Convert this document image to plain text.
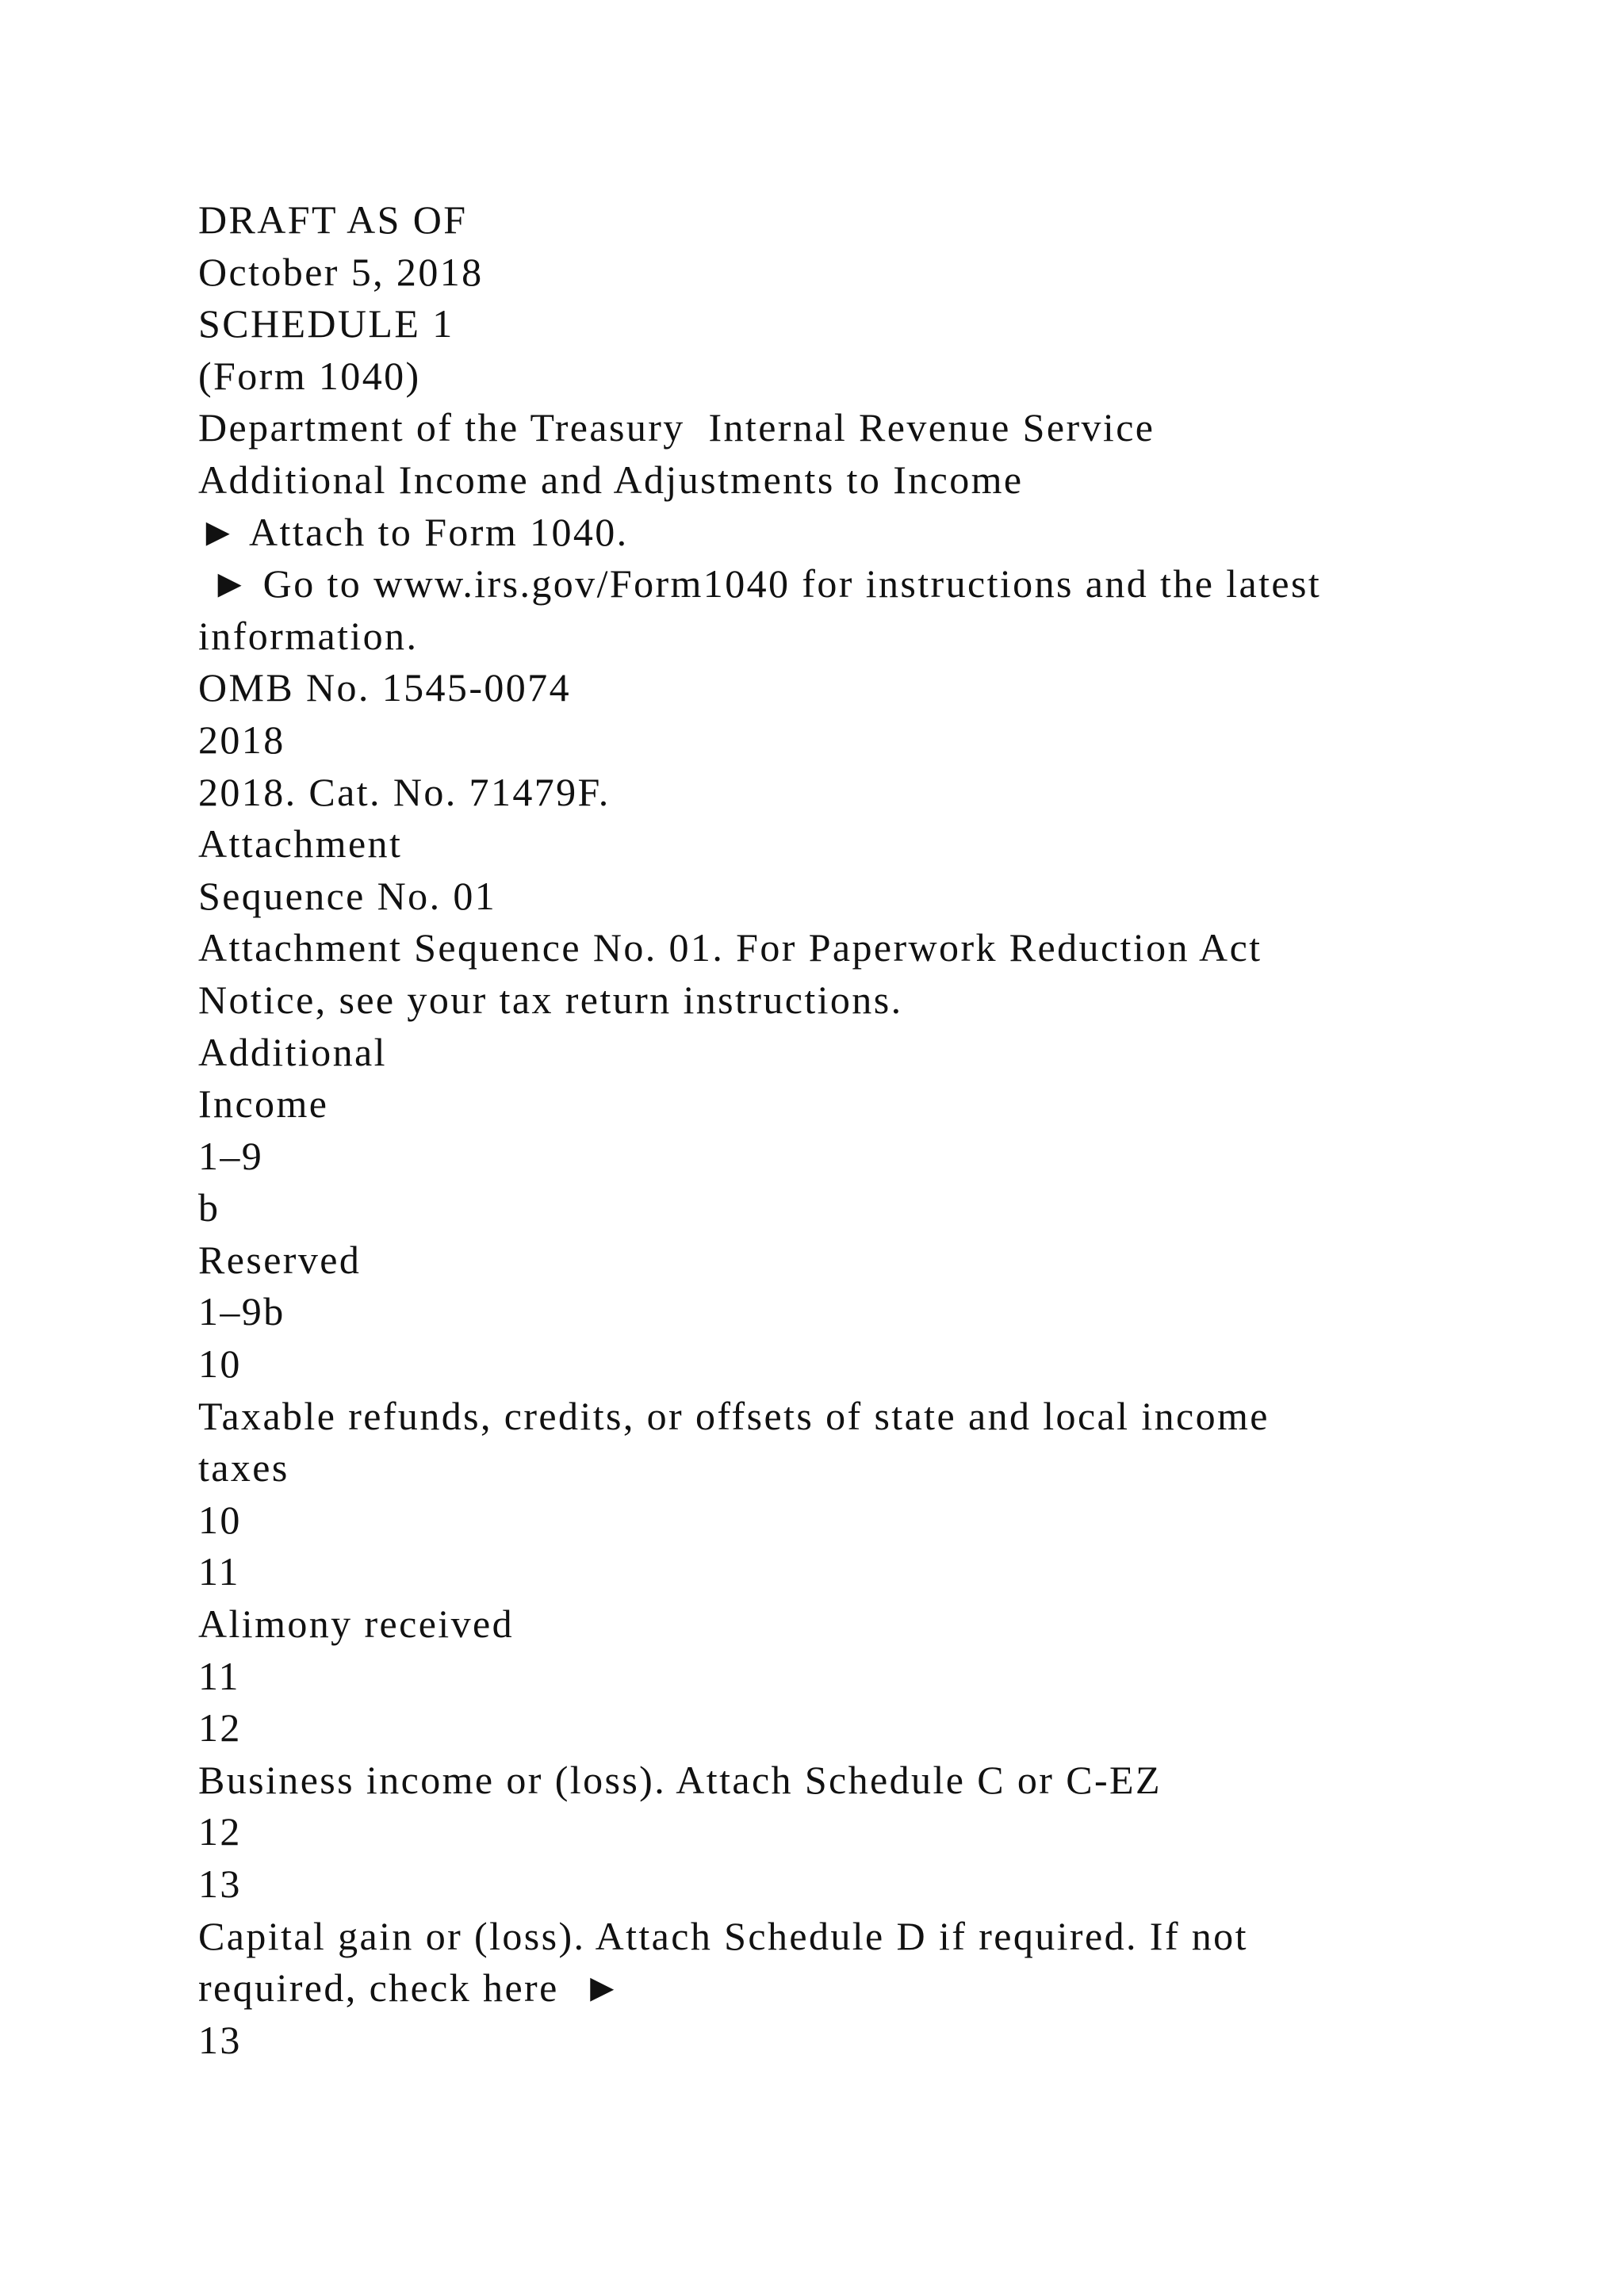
DRAFT AS OF
October 5, 2018
SCHEDULE 1
(Form 1040)
Department of the Treasury  Internal Revenue Service
Additional Income and Adjustments to Income
► Attach to Form 1040.
► Go to www.irs.gov/Form1040 for instructions and the latest
information.
OMB No. 1545-0074
2018
2018. Cat. No. 71479F.
Attachment
Sequence No. 01
Attachment Sequence No. 01. For Paperwork Reduction Act
Notice, see your tax return instructions.
Additional
Income
1–9
b
Reserved
1–9b
10
Taxable refunds, credits, or offsets of state and local income
taxes
10
11
Alimony received
11
12
Business income or (loss). Attach Schedule C or C-EZ
12
13
Capital gain or (loss). Attach Schedule D if required. If not
required, check here  ►
13
